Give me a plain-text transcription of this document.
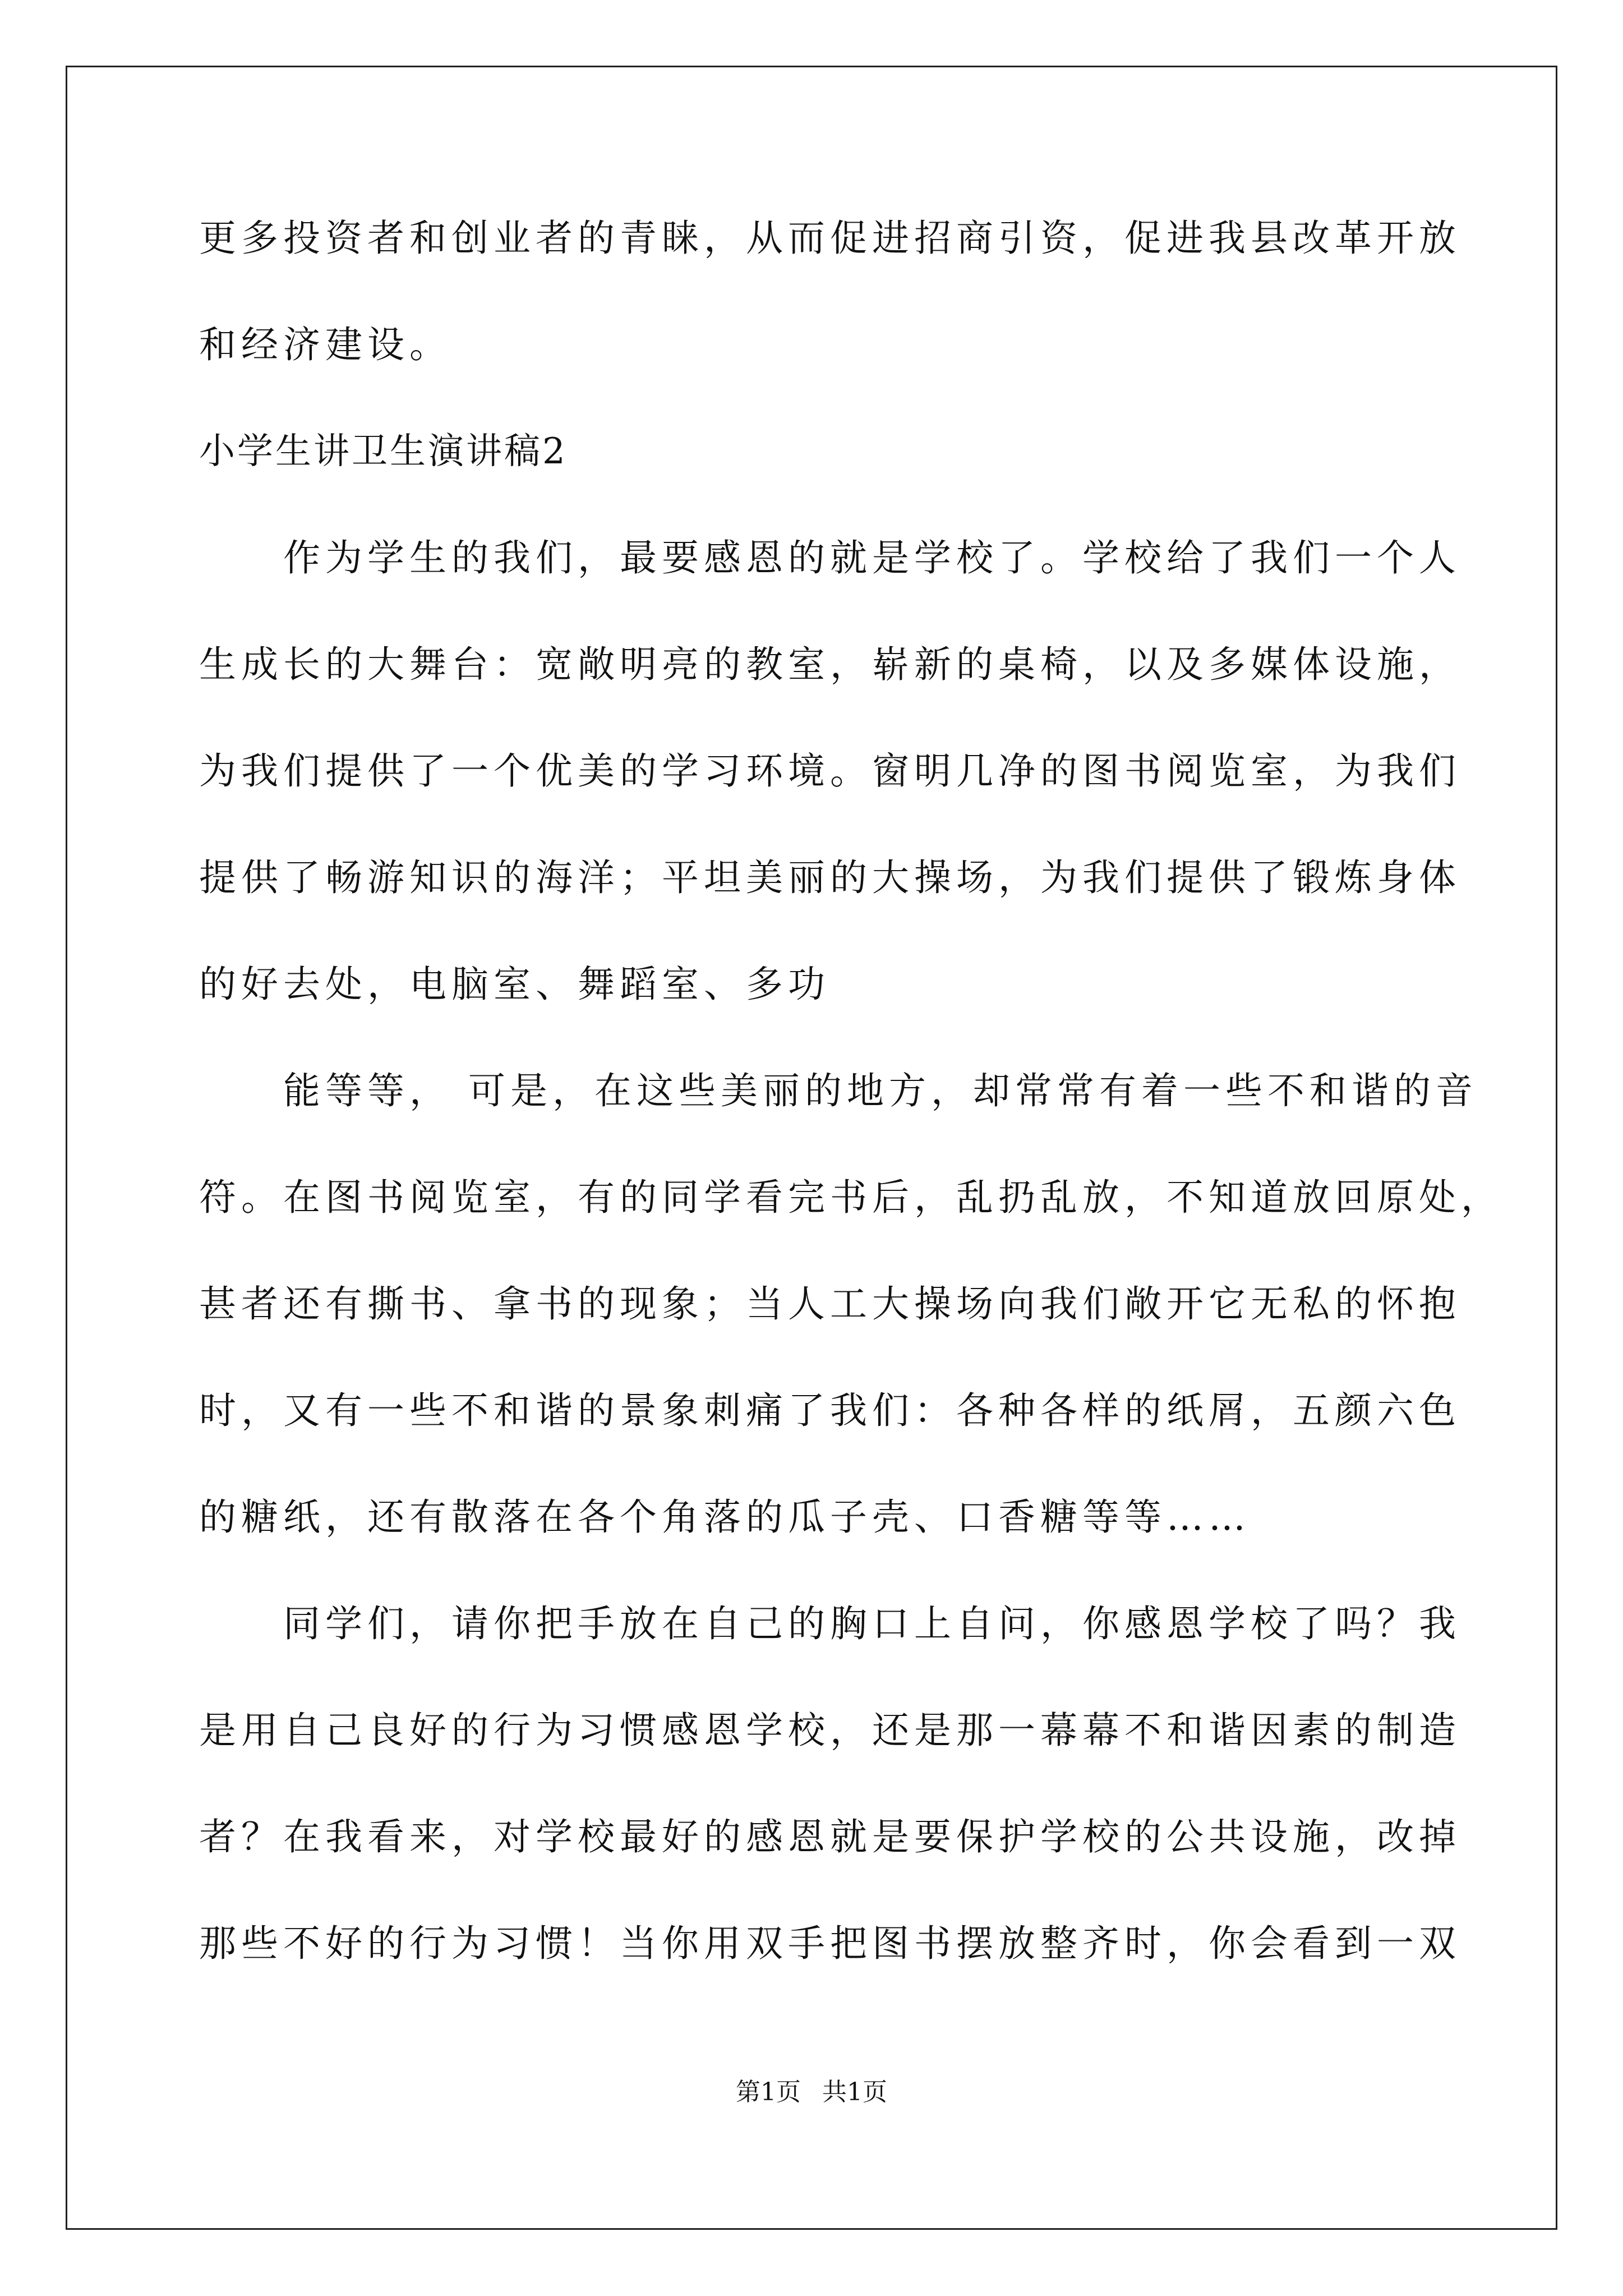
更多投资者和创业者的青睐，从而促进招商引资，促进我县改革开放
和经济建设。
小学生讲卫生演讲稿2
作为学生的我们，最要感恩的就是学校了。学校给了我们一个人
生成长的大舞台：宽敞明亮的教室，崭新的桌椅，以及多媒体设施，
为我们提供了一个优美的学习环境。窗明几净的图书阅览室，为我们
提供了畅游知识的海洋；平坦美丽的大操场，为我们提供了锻炼身体
的好去处，电脑室、舞蹈室、多功
能等等， 可是，在这些美丽的地方，却常常有着一些不和谐的音
符。在图书阅览室，有的同学看完书后，乱扔乱放，不知道放回原处，
甚者还有撕书、拿书的现象；当人工大操场向我们敞开它无私的怀抱
时，又有一些不和谐的景象刺痛了我们：各种各样的纸屑，五颜六色
的糖纸，还有散落在各个角落的瓜子壳、口香糖等等……
同学们，请你把手放在自己的胸口上自问，你感恩学校了吗？我
是用自己良好的行为习惯感恩学校，还是那一幕幕不和谐因素的制造
者？在我看来，对学校最好的感恩就是要保护学校的公共设施，改掉
那些不好的行为习惯！当你用双手把图书摆放整齐时，你会看到一双
第1页 共1页
